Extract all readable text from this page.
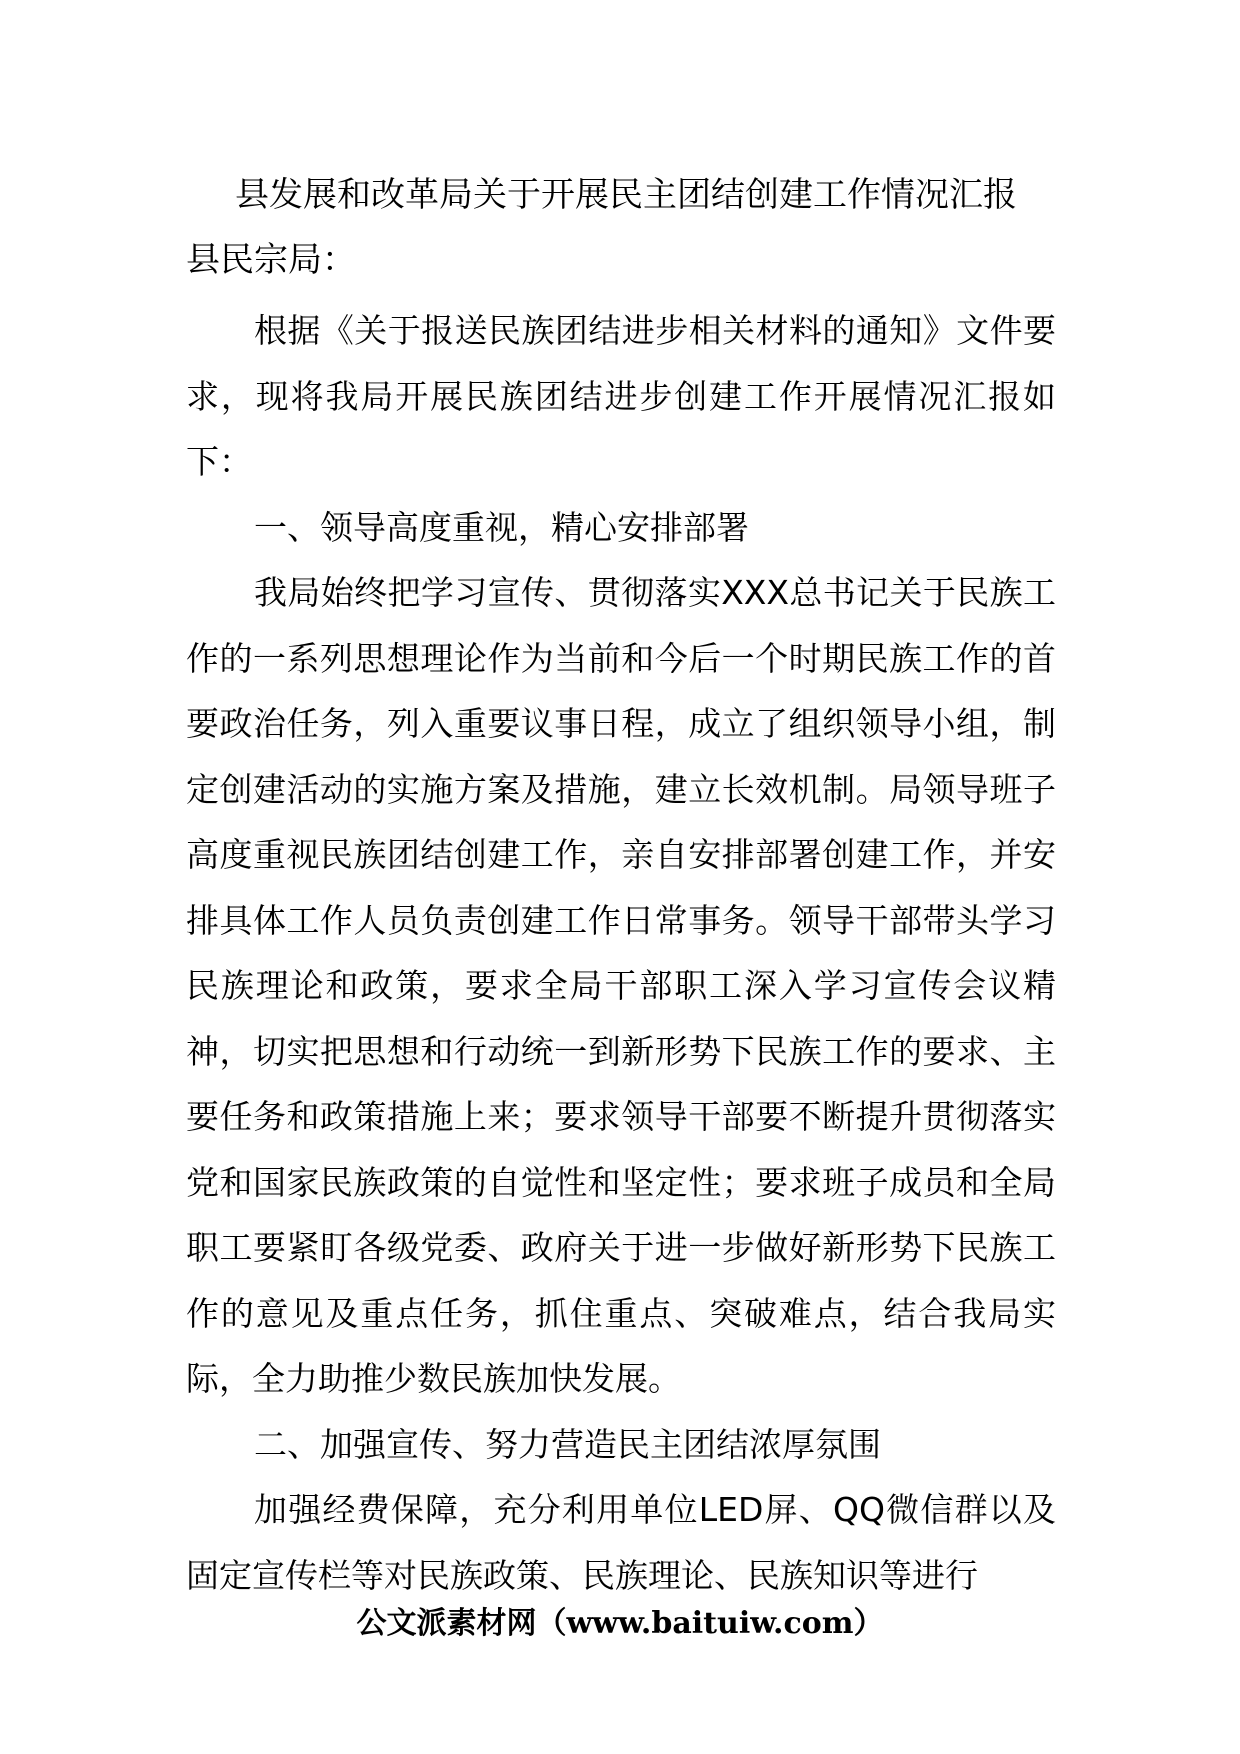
县发展和改革局关于开展民主团结创建工作情况汇报
县民宗局：

根据《关于报送民族团结进步相关材料的通知》文件要求，现将我局开展民族团结进步创建工作开展情况汇报如下：

一、领导高度重视，精心安排部署

我局始终把学习宣传、贯彻落实XXX总书记关于民族工作的一系列思想理论作为当前和今后一个时期民族工作的首要政治任务，列入重要议事日程，成立了组织领导小组，制定创建活动的实施方案及措施，建立长效机制。局领导班子高度重视民族团结创建工作，亲自安排部署创建工作，并安排具体工作人员负责创建工作日常事务。领导干部带头学习民族理论和政策，要求全局干部职工深入学习宣传会议精神，切实把思想和行动统一到新形势下民族工作的要求、主要任务和政策措施上来；要求领导干部要不断提升贯彻落实党和国家民族政策的自觉性和坚定性；要求班子成员和全局职工要紧盯各级党委、政府关于进一步做好新形势下民族工作的意见及重点任务，抓住重点、突破难点，结合我局实际，全力助推少数民族加快发展。

二、加强宣传、努力营造民主团结浓厚氛围

加强经费保障，充分利用单位LED屏、QQ微信群以及固定宣传栏等对民族政策、民族理论、民族知识等进行

公文派素材网（www.baituiw.com）
